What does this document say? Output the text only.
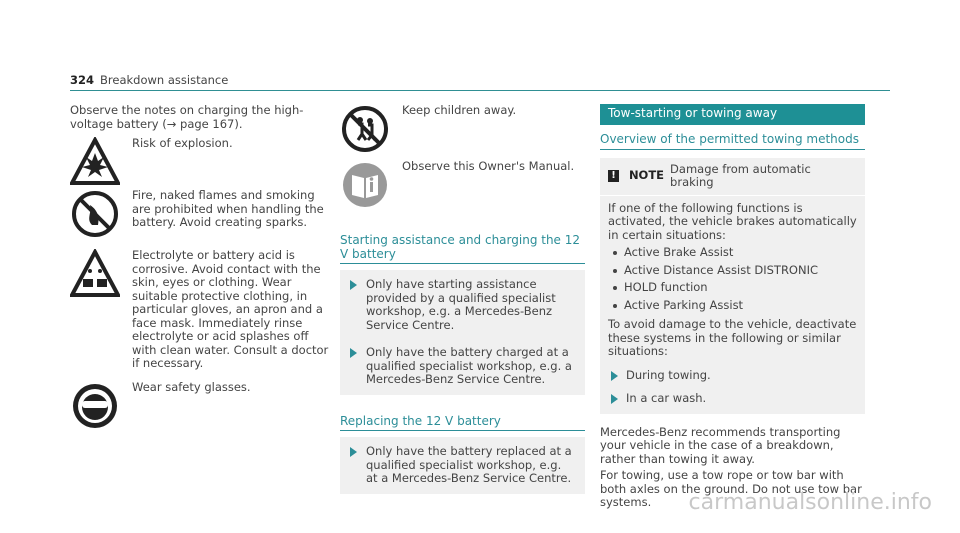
324 Breakdown assistance

Observe the notes on charging the high-voltage battery (→ page 167).

Risk of explosion.
Fire, naked flames and smoking are prohibited when handling the battery. Avoid creating sparks.
Electrolyte or battery acid is corrosive. Avoid contact with the skin, eyes or clothing. Wear suitable protective clothing, in particular gloves, an apron and a face mask. Immediately rinse electrolyte or acid splashes off with clean water. Consult a doctor if necessary.
Wear safety glasses.
Keep children away.
Observe this Owner's Manual.
Starting assistance and charging the 12 V battery
Only have starting assistance provided by a qualified specialist workshop, e.g. a Mercedes-Benz Service Centre.
Only have the battery charged at a qualified specialist workshop, e.g. a Mercedes-Benz Service Centre.
Replacing the 12 V battery
Only have the battery replaced at a qualified specialist workshop, e.g. at a Mercedes-Benz Service Centre.
Tow-starting or towing away
Overview of the permitted towing methods
! NOTE Damage from automatic braking
If one of the following functions is activated, the vehicle brakes automatically in certain situations:
Active Brake Assist
Active Distance Assist DISTRONIC
HOLD function
Active Parking Assist
To avoid damage to the vehicle, deactivate these systems in the following or similar situations:
During towing.
In a car wash.

Mercedes-Benz recommends transporting your vehicle in the case of a breakdown, rather than towing it away.

For towing, use a tow rope or tow bar with both axles on the ground. Do not use tow bar systems.	carmanualsonline.info
